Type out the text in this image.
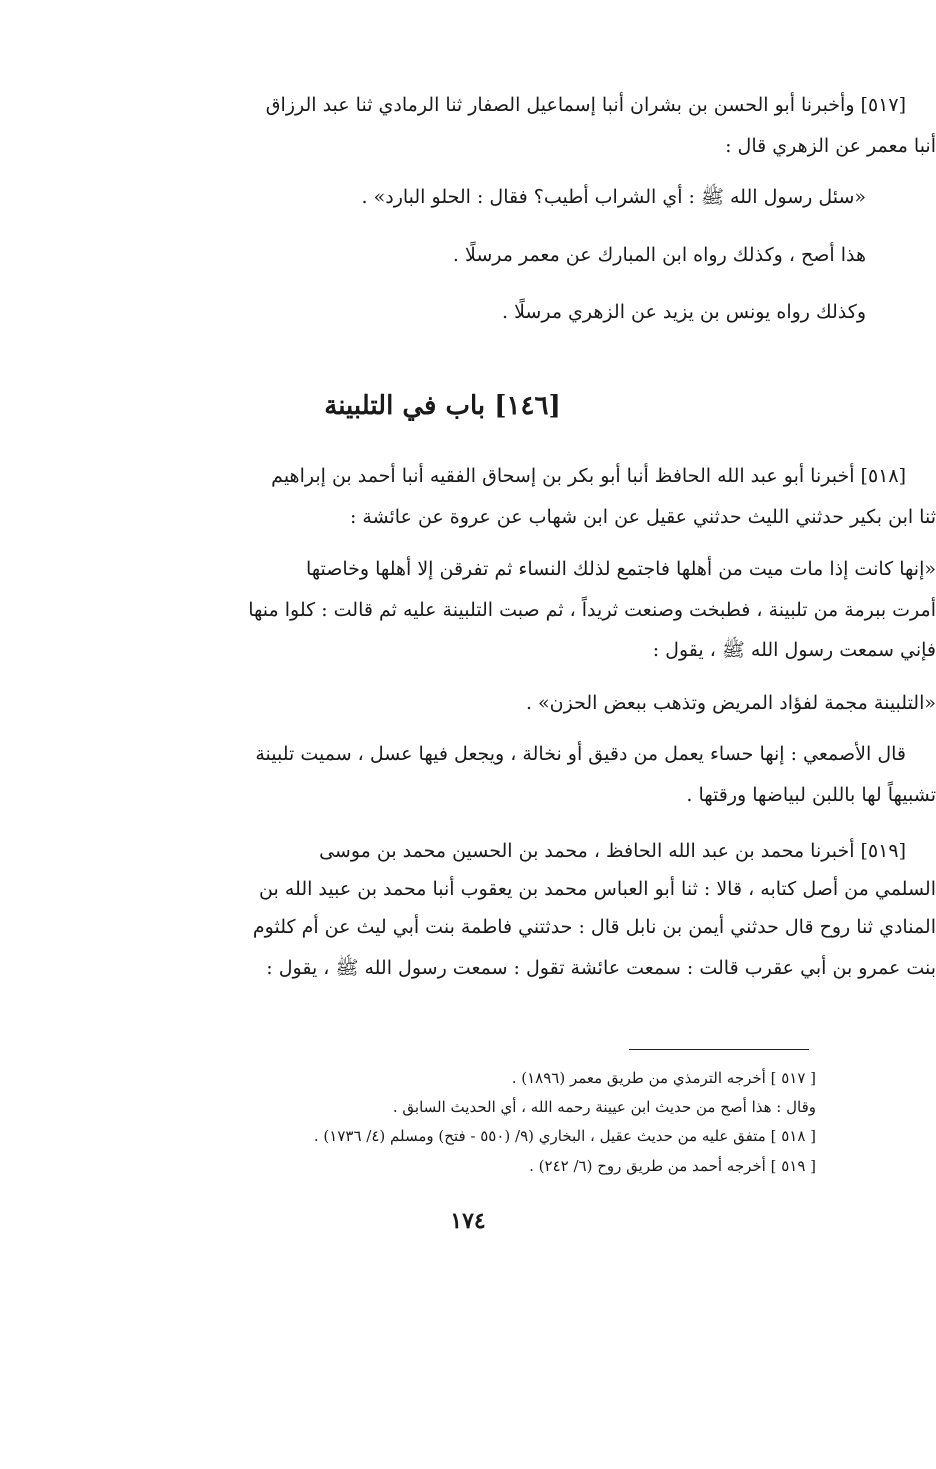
[٥١٧] وأخبرنا أبو الحسن بن بشران أنبا إسماعيل الصفار ثنا الرمادي ثنا عبد الرزاق
أنبا معمر عن الزهري قال :
«سئل رسول الله ﷺ : أي الشراب أطيب؟ فقال : الحلو البارد» .
هذا أصح ، وكذلك رواه ابن المبارك عن معمر مرسلًا .
وكذلك رواه يونس بن يزيد عن الزهري مرسلًا .
[١٤٦] باب في التلبينة
[٥١٨] أخبرنا أبو عبد الله الحافظ أنبا أبو بكر بن إسحاق الفقيه أنبا أحمد بن إبراهيم
ثنا ابن بكير حدثني الليث حدثني عقيل عن ابن شهاب عن عروة عن عائشة :
«إنها كانت إذا مات ميت من أهلها فاجتمع لذلك النساء ثم تفرقن إلا أهلها وخاصتها
أمرت ببرمة من تلبينة ، فطبخت وصنعت ثريداً ، ثم صبت التلبينة عليه ثم قالت : كلوا منها
فإني سمعت رسول الله ﷺ ، يقول :
«التلبينة مجمة لفؤاد المريض وتذهب ببعض الحزن» .
قال الأصمعي : إنها حساء يعمل من دقيق أو نخالة ، ويجعل فيها عسل ، سميت تلبينة
تشبيهاً لها باللبن لبياضها ورقتها .
[٥١٩] أخبرنا محمد بن عبد الله الحافظ ، محمد بن الحسين محمد بن موسى
السلمي من أصل كتابه ، قالا : ثنا أبو العباس محمد بن يعقوب أنبا محمد بن عبيد الله بن
المنادي ثنا روح قال حدثني أيمن بن نابل قال : حدثتني فاطمة بنت أبي ليث عن أم كلثوم
بنت عمرو بن أبي عقرب قالت : سمعت عائشة تقول : سمعت رسول الله ﷺ ، يقول :
[ ٥١٧ ] أخرجه الترمذي من طريق معمر (١٨٩٦) .
وقال : هذا أصح من حديث ابن عيينة رحمه الله ، أي الحديث السابق .
[ ٥١٨ ] متفق عليه من حديث عقيل ، البخاري (٩/ (٥٥٠ - فتح) ومسلم (٤/ ١٧٣٦) .
[ ٥١٩ ] أخرجه أحمد من طريق روح (٦/ ٢٤٢) .
١٧٤
